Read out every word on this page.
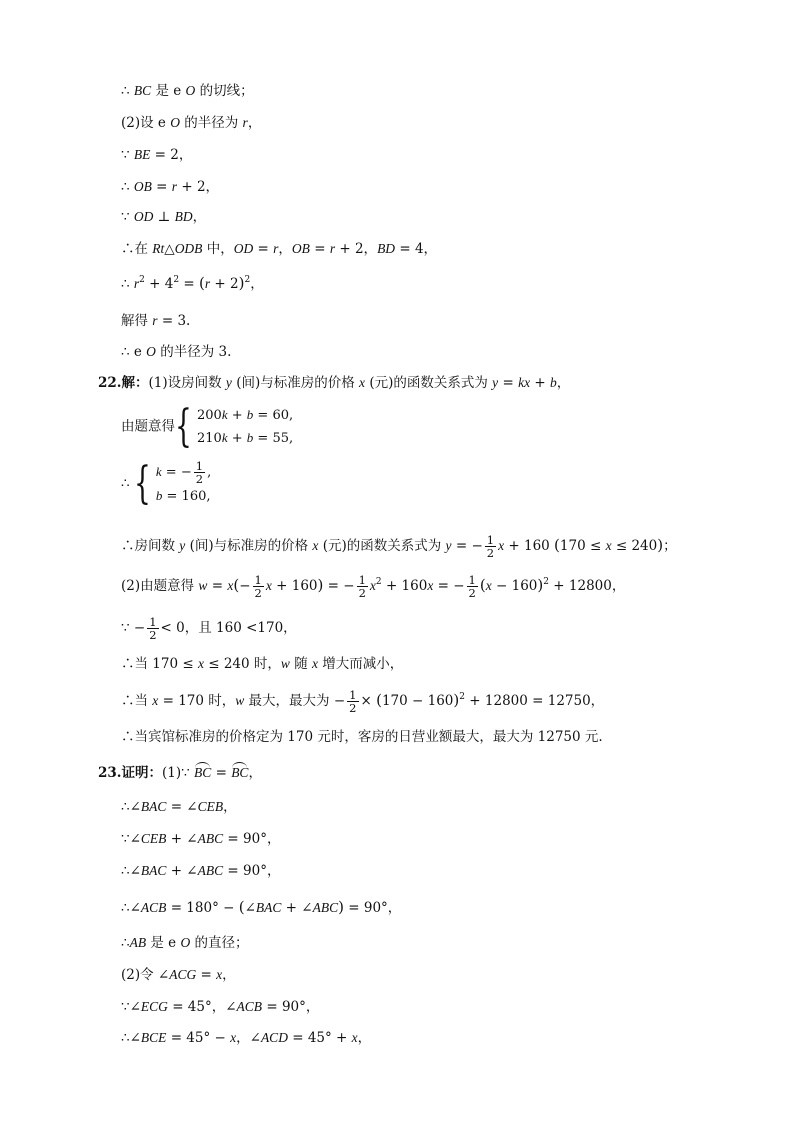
∴ BC 是 e O 的切线；
(2)设 e O 的半径为 r，
∵ BE = 2，
∴ OB = r + 2，
∵ OD ⊥ BD，
∴在 Rt△ODB 中，OD = r，OB = r + 2，BD = 4，
∴ $r^2 + 4^2 = (r + 2)^2$，
解得 r = 3.
∴ e O 的半径为 3.
22.解：(1)设房间数 y (间)与标准房的价格 x (元)的函数关系式为 y = kx + b，
由题意得{ 200k + b = 60,
210k + b = 55,
∴ { k = − $\frac{1}{2}$ ,
b = 160,
∴房间数 y (间)与标准房的价格 x (元)的函数关系式为 y = − $\frac{1}{2}$ x + 160 (170 ≤ x ≤ 240)；
(2)由题意得 $w = x(- \frac{1}{2}$ x + 160) = − $\frac{1}{2} x^2 + 160x$ = − $\frac{1}{2} (x - 160)^2 + 12800$，
∵ − $\frac{1}{2} < 0$，且 160 <170，
∴当 170 ≤ x ≤ 240 时，w 随 x 增大而减小，
∴当 x = 170 时，w 最大，最大为 − $\frac{1}{2} \times (170 - 160)^2 + 12800 = 12750$，
∴当宾馆标准房的价格定为 170 元时，客房的日营业额最大，最大为 12750 元.
23.证明：(1)∵ BC = BC，
∴∠BAC = ∠CEB，
∵∠CEB + ∠ABC = 90°，
∴∠BAC + ∠ABC = 90°，
∴∠ACB = 180° − (∠BAC + ∠ABC) = 90°，
∴AB 是 e O 的直径；
(2)令 ∠ACG = x，
∵∠ECG = 45°，∠ACB = 90°，
∴∠BCE = 45° − x，∠ACD = 45° + x，
